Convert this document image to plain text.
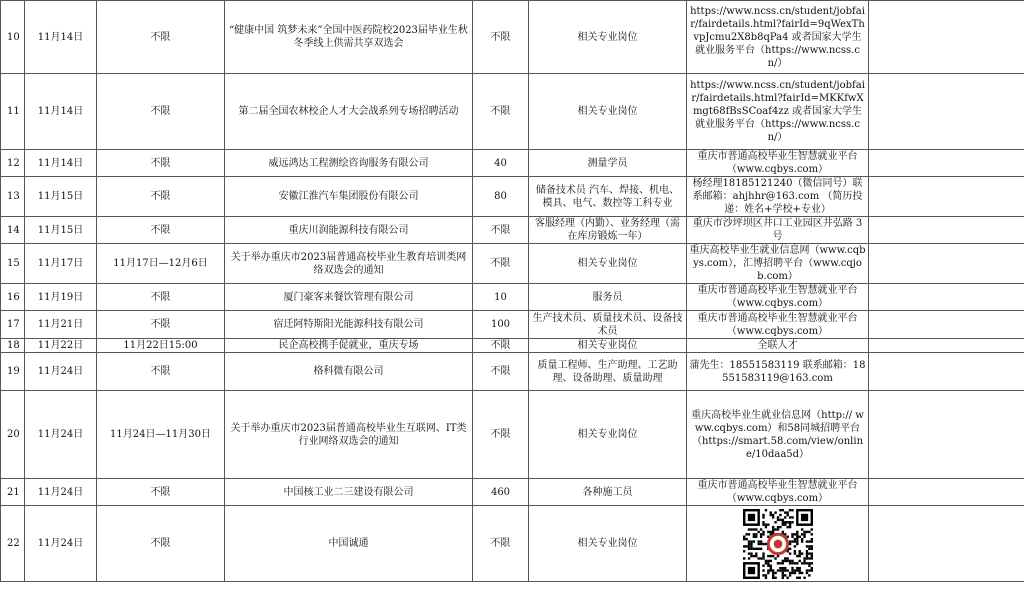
10	11月14日	不限	“健康中国 筑梦未来”全国中医药院校2023届毕业生秋冬季线上供需共享双选会	不限	相关专业岗位	https://www.ncss.cn/student/jobfair/fairdetails.html?fairId=9qWexThvpJcmu2X8b8qPa4 或者国家大学生就业服务平台（https://www.ncss.cn/）	
11	11月14日	不限	第二届全国农林校企人才大会战系列专场招聘活动	不限	相关专业岗位	https://www.ncss.cn/student/jobfair/fairdetails.html?fairId=MKKfwXmgt68fBsSCoaf4zz 或者国家大学生就业服务平台（https://www.ncss.cn/）	
12	11月14日	不限	威远鸿达工程测绘咨询服务有限公司	40	测量学员	重庆市普通高校毕业生智慧就业平台（www.cqbys.com）	
13	11月15日	不限	安徽江淮汽车集团股份有限公司	80	储备技术员 汽车、焊接、机电、模具、电气、数控等工科专业	杨经理18185121240（微信同号）联系邮箱：ahjhhr@163.com （简历投递：姓名+学校+专业）	
14	11月15日	不限	重庆川润能源科技有限公司	不限	客服经理（内勤）、业务经理（需在库房锻炼一年）	重庆市沙坪坝区井口工业园区井弘路 3 号	
15	11月17日	11月17日—12月6日	关于举办重庆市2023届普通高校毕业生教育培训类网络双选会的通知	不限	相关专业岗位	重庆高校毕业生就业信息网（www.cqbys.com），汇博招聘平台（www.cqjob.com）	
16	11月19日	不限	厦门豪客来餐饮管理有限公司	10	服务员	重庆市普通高校毕业生智慧就业平台（www.cqbys.com）	
17	11月21日	不限	宿迁阿特斯阳光能源科技有限公司	100	生产技术员、质量技术员、设备技术员	重庆市普通高校毕业生智慧就业平台（www.cqbys.com）	
18	11月22日	11月22日15:00	民企高校携手促就业，重庆专场	不限	相关专业岗位	全联人才	
19	11月24日	不限	格科微有限公司	不限	质量工程师、生产助理、工艺助理、设备助理、质量助理	蒲先生：18551583119 联系邮箱：18551583119@163.com	
20	11月24日	11月24日—11月30日	关于举办重庆市2023届普通高校毕业生互联网、IT类行业网络双选会的通知	不限	相关专业岗位	重庆高校毕业生就业信息网（http:// www.cqbys.com）和58同城招聘平台（https://smart.58.com/view/online/10daa5d）	
21	11月24日	不限	中国核工业二三建设有限公司	460	各种施工员	重庆市普通高校毕业生智慧就业平台（www.cqbys.com）	
22	11月24日	不限	中国诚通	不限	相关专业岗位	
